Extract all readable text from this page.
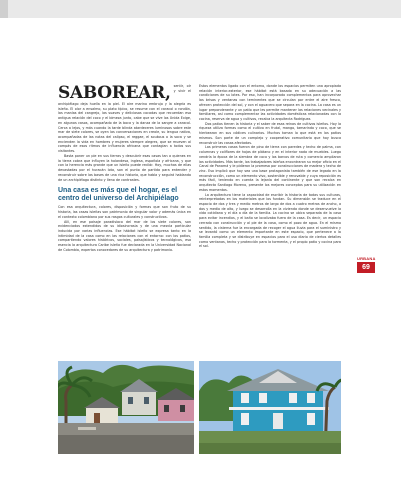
SABOREAR, sentir, oír y vivir el archipiélago deja huella en la piel. El aire marino embrujo y la alegría es isleño. El olor a ensalmo, su plato típico, se resume con el caracol o rondón, las manías del cangrejo, las suaves y deliciosas cocadas que recuerdan esa antigua relación del coco y el bimeza junto, cabe que se vive los Unida Exige, en algunos casos, acompañado de la boca y la danza de la sangre a caracol. Cerca a lejos, y más cuando la tarde blinda atardeceres luminosos sobre este mar de siete colores, se oyen las conversaciones en creole, su lengua nativa, acompañadas de las notas del calipso, el reggae, el soukous o la soca y se encienden la vida en hombres y mujeres siempre alegres, que se mueven al compás de esos ritmos de influencia africana que contagian a todos sus visitantes.

Basta poner un pie en sus tierras y descubrir esas casas tan a quienes en la tierra cobra que influyen la holandesa, inglesa, española y africana, y que con la herencia más grande que un isleño puede recibir. Hoy, muchas de ellas devastadas por el huracán Iota, son el punto de partida para entender y reconstruir sobre las bases de una rica historia, que habla y seguirá hablando de un archipiélago distinto y lleno de contrastes.

Una casa es más que el hogar, es el centro del universo del Archipiélago

Con esa arquitectura, colores, disposición y formas que son fruto de su historia, las casas isleñas son patrimonio de singular valor y además única en el contexto colombiano por sus rasgos culturales y constructivos.

Allí, en ese paisaje paradisíaco del mar de los siete colores, son evidenciados extendidos de su idiosincrasia y de una mezcla particular inducida por varias influencias. Ese hábitat isleño se expresa tanto en la intimidad de la casa como en las relaciones con el entorno: con los patios, compartiendo valores históricos, sociales, paisajísticos y tecnológicos, esa esencia la arquitectura Caribe isleña fue declarada en la Universidad Nacional de Colombia, expertos conocedores de su arquitectura y patrimonio.

Estos elementos ligado con el entorno, donde los espacios permiten una apropiada relación interior-exterior, ese hábitat está basado en su adecuación a las condiciones de su lotes. Por eso, han incorporado complementos para aprovechar las brisas y ventanas con teminentes que se circulan por entre el aire fresco, ofrecen protección del sol, y con el aguacero que separa en la cocina. La casa es un lugar preponderante y un patio que les permite mantener las relaciones vecinales y familiares, así como complementar las actividades domésticas relacionadas con la cocina, reserva de agua y cultivos, recalca la arquitecta Rodríguez.

Dos patios tienen la historia y el saber de esas reinas de cultivos isleños. Hoy la riqueza utiliza formas como el cultivo en frutal, mango, tamarindo y coco, que se hierbearon en sus códices culinarios. Muchos toman lo que está en los patios mismos. Son parte de un complejo y cooperativo comunitario que hoy busca reconstruir las casas afectadas.

Las primeras casas fueron de pino de tierra con paredes y techo de palma, con columnas y coliflores de hojas de plátano y en el interior nada de muebles. Luego vendría la época de la siembra de coco y los barcos de ruta y comercio ampliaron las actividades. Más tarde, los trabajadores isleños encontraron su mejor oficio en el Canal de Panamá y le pidieron la promesa por construcciones de madera y techo de zinc. Eso implicó que hoy sea una base protagonista también de ese legado en la reconstrucción, como un elemento vivo, sostenible y renovable y cuya reposición es más fácil, teniendo en cuenta la lejanía del continente y que son recalca en arquitecta Santiago Moreno, presente los mejores conceptos para su utilización en estos momentos.

La arquitectura tiene la capacidad de escribir la historia de todas sus culturas, reinterpretadas en los materiales que los fundan. Su dimensión se traduce en el espacio de dos y tres y medio metros de largo de dos a cuatro metros de ancho, a dos y medio de alto, y luego se desarrolla en la vivienda donde se desenvuelve la vida cotidiana y el día a día de la familia. La cocina se ubica separada de la casa para evitar incendios, y el baño se localizaba fuera de la casa. Es decir, un espacio cerrado con construcción y al pie de la casa, como el pozo de agua. En el mismo sentido, la cisterna fue la encargada de recoger el agua lluvia para el suministro y se levantó como un elemento importante en este espacio, que pertenece a la familia completa y se distribuye en espacios para el uso diario de ciertos detalles como ventanas, techo y protección para la tormenta, y el propio patio y cocina para el sol.

URBANA
69
